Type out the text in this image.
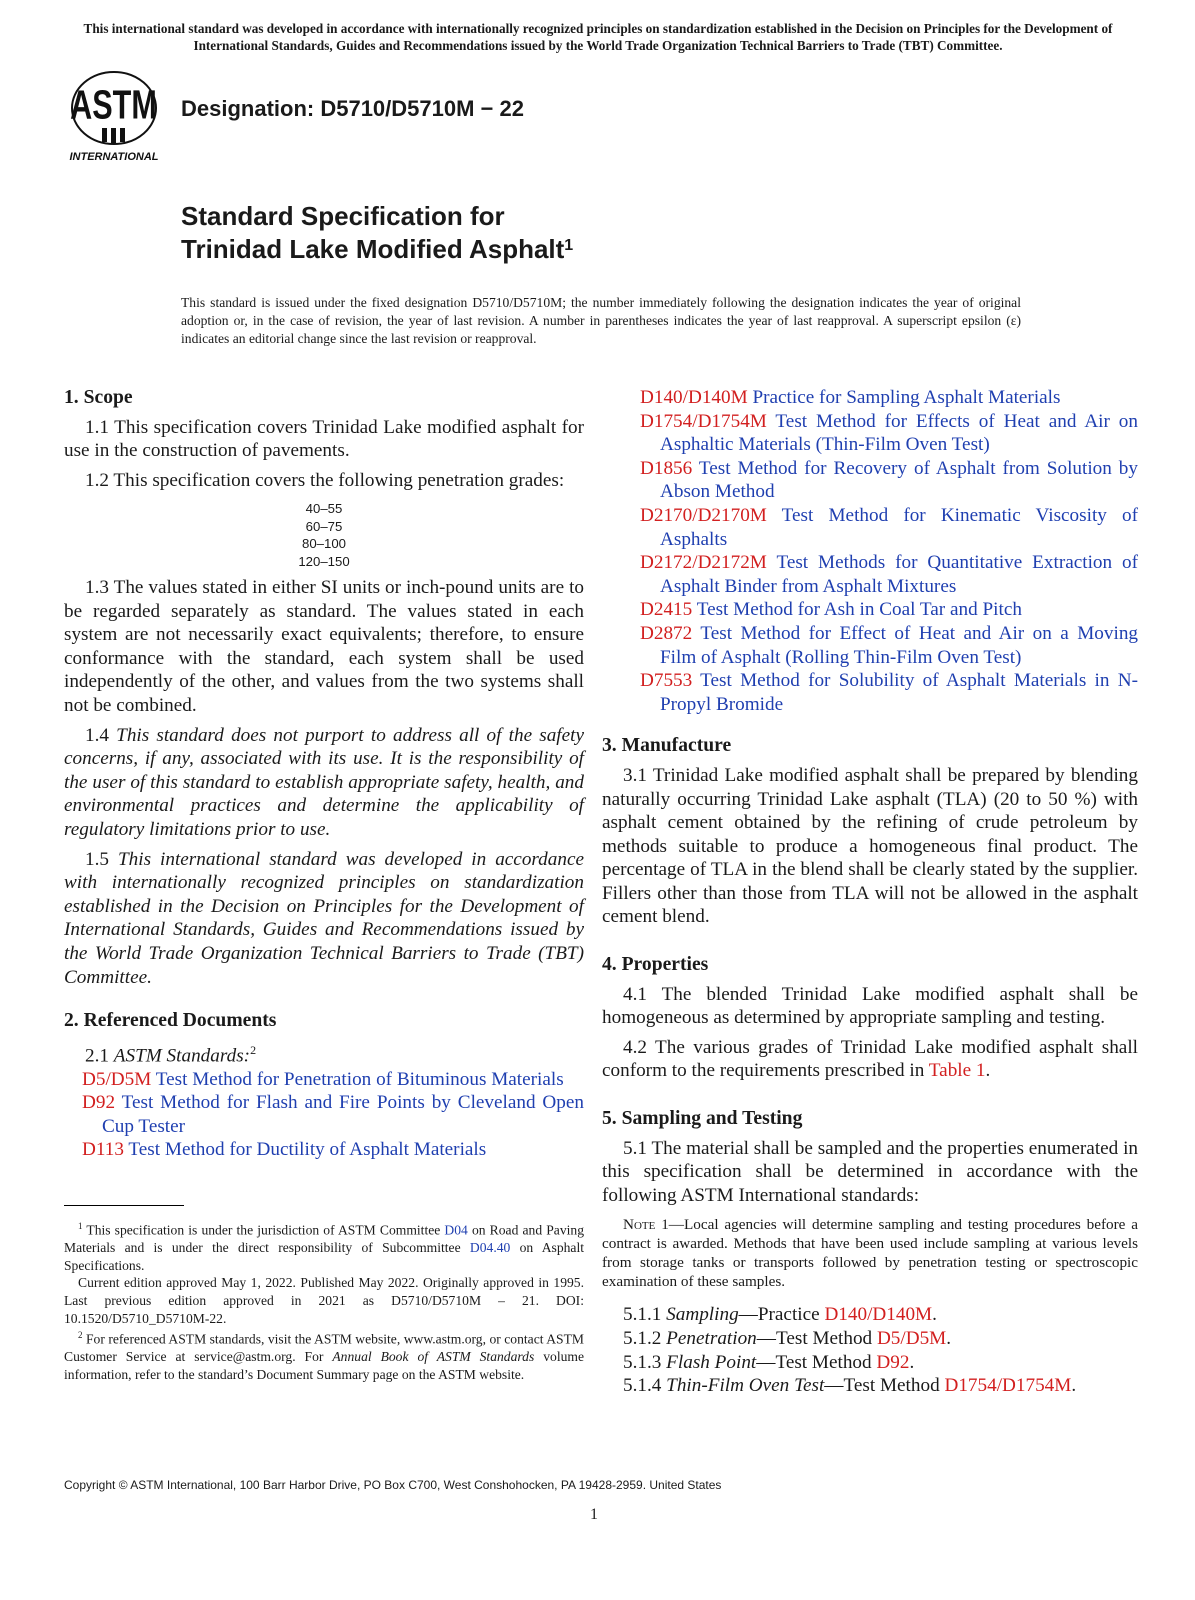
This international standard was developed in accordance with internationally recognized principles on standardization established in the Decision on Principles for the Development of International Standards, Guides and Recommendations issued by the World Trade Organization Technical Barriers to Trade (TBT) Committee.
ASTM
INTERNATIONAL
Designation: D5710/D5710M − 22
Standard Specification for
Trinidad Lake Modified Asphalt$^1$
This standard is issued under the fixed designation D5710/D5710M; the number immediately following the designation indicates the year of original adoption or, in the case of revision, the year of last revision. A number in parentheses indicates the year of last reapproval. A superscript epsilon (ε) indicates an editorial change since the last revision or reapproval.
1. Scope

1.1 This specification covers Trinidad Lake modified asphalt for use in the construction of pavements.

1.2 This specification covers the following penetration grades:

40–55
60–75
80–100
120–150

1.3 The values stated in either SI units or inch-pound units are to be regarded separately as standard. The values stated in each system are not necessarily exact equivalents; therefore, to ensure conformance with the standard, each system shall be used independently of the other, and values from the two systems shall not be combined.

1.4 This standard does not purport to address all of the safety concerns, if any, associated with its use. It is the responsibility of the user of this standard to establish appropriate safety, health, and environmental practices and determine the applicability of regulatory limitations prior to use.

1.5 This international standard was developed in accordance with internationally recognized principles on standardization established in the Decision on Principles for the Development of International Standards, Guides and Recommendations issued by the World Trade Organization Technical Barriers to Trade (TBT) Committee.

2. Referenced Documents

2.1 ASTM Standards:$^2$

D5/D5M Test Method for Penetration of Bituminous Materials
D92 Test Method for Flash and Fire Points by Cleveland Open Cup Tester
D113 Test Method for Ductility of Asphalt Materials

$^1$ This specification is under the jurisdiction of ASTM Committee D04 on Road and Paving Materials and is under the direct responsibility of Subcommittee D04.40 on Asphalt Specifications.

Current edition approved May 1, 2022. Published May 2022. Originally approved in 1995. Last previous edition approved in 2021 as D5710/D5710M – 21. DOI: 10.1520/D5710_D5710M-22.

$^2$ For referenced ASTM standards, visit the ASTM website, www.astm.org, or contact ASTM Customer Service at service@astm.org. For Annual Book of ASTM Standards volume information, refer to the standard’s Document Summary page on the ASTM website.

D140/D140M Practice for Sampling Asphalt Materials
D1754/D1754M Test Method for Effects of Heat and Air on Asphaltic Materials (Thin-Film Oven Test)
D1856 Test Method for Recovery of Asphalt from Solution by Abson Method
D2170/D2170M Test Method for Kinematic Viscosity of Asphalts
D2172/D2172M Test Methods for Quantitative Extraction of Asphalt Binder from Asphalt Mixtures
D2415 Test Method for Ash in Coal Tar and Pitch
D2872 Test Method for Effect of Heat and Air on a Moving Film of Asphalt (Rolling Thin-Film Oven Test)
D7553 Test Method for Solubility of Asphalt Materials in N-Propyl Bromide
3. Manufacture

3.1 Trinidad Lake modified asphalt shall be prepared by blending naturally occurring Trinidad Lake asphalt (TLA) (20 to 50 %) with asphalt cement obtained by the refining of crude petroleum by methods suitable to produce a homogeneous final product. The percentage of TLA in the blend shall be clearly stated by the supplier. Fillers other than those from TLA will not be allowed in the asphalt cement blend.

4. Properties

4.1 The blended Trinidad Lake modified asphalt shall be homogeneous as determined by appropriate sampling and testing.

4.2 The various grades of Trinidad Lake modified asphalt shall conform to the requirements prescribed in Table 1.

5. Sampling and Testing

5.1 The material shall be sampled and the properties enumerated in this specification shall be determined in accordance with the following ASTM International standards:

Note 1—Local agencies will determine sampling and testing procedures before a contract is awarded. Methods that have been used include sampling at various levels from storage tanks or transports followed by penetration testing or spectroscopic examination of these samples.
5.1.1 Sampling—Practice D140/D140M.
5.1.2 Penetration—Test Method D5/D5M.
5.1.3 Flash Point—Test Method D92.
5.1.4 Thin-Film Oven Test—Test Method D1754/D1754M.
Copyright © ASTM International, 100 Barr Harbor Drive, PO Box C700, West Conshohocken, PA 19428-2959. United States
1
